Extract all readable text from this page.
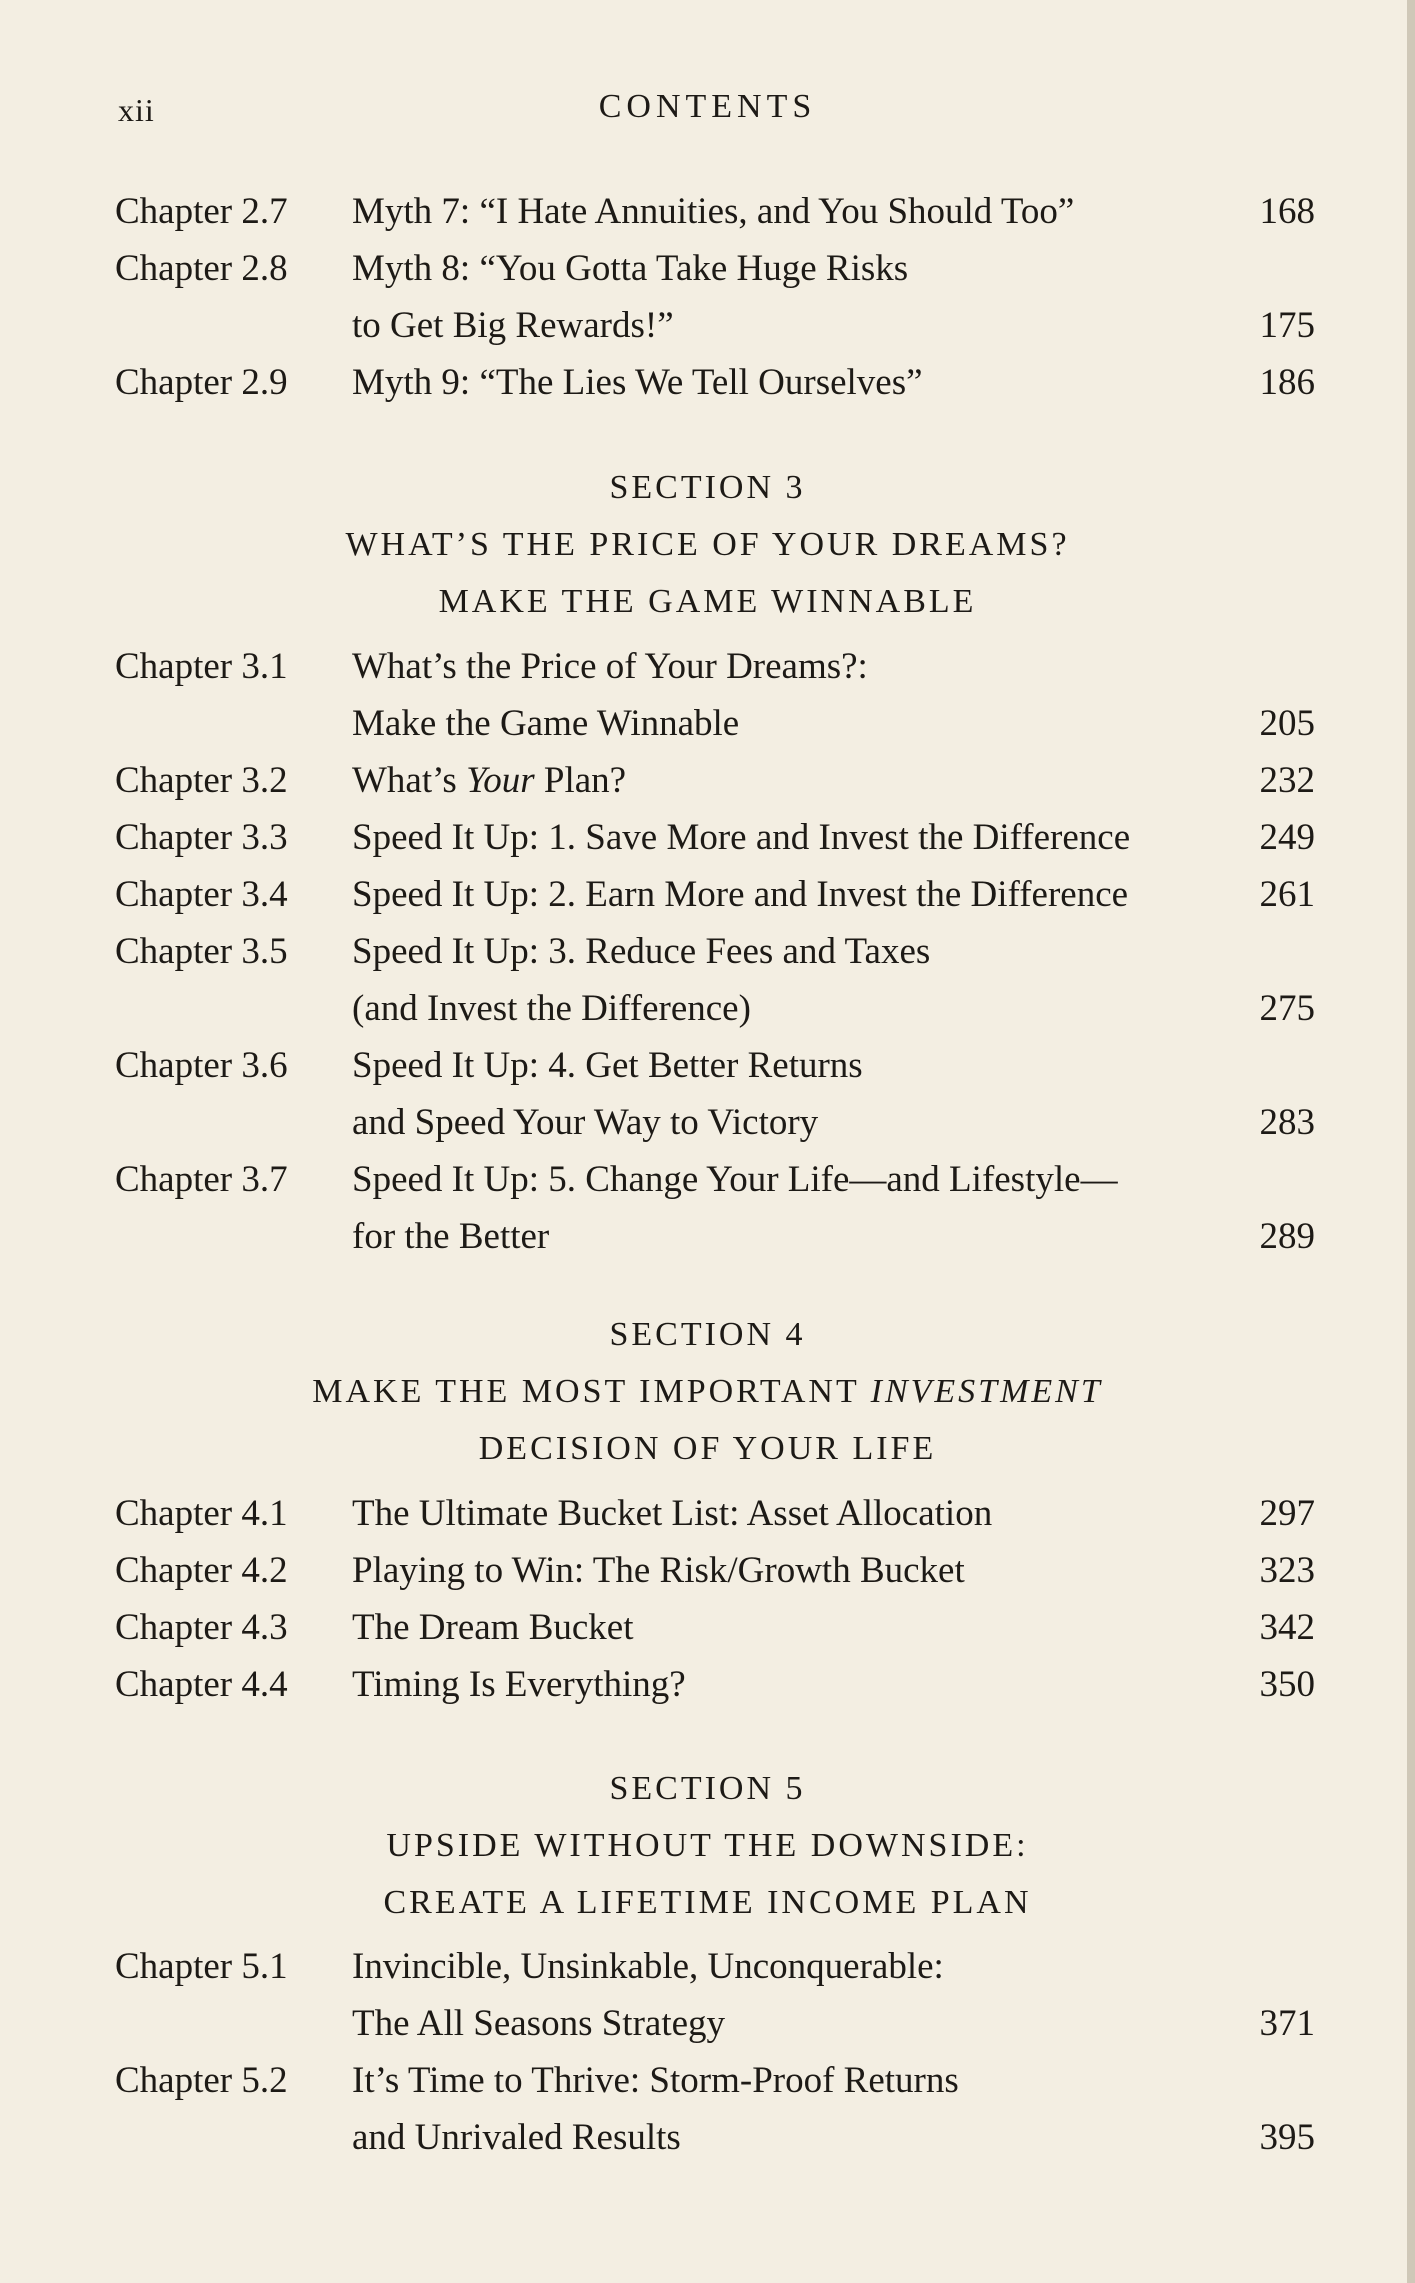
xii	CONTENTS
Chapter 2.7 Myth 7: “I Hate Annuities, and You Should Too”	168
Chapter 2.8 Myth 8: “You Gotta Take Huge Risks
to Get Big Rewards!”	175
Chapter 2.9 Myth 9: “The Lies We Tell Ourselves”	186
SECTION 3
WHAT’S THE PRICE OF YOUR DREAMS?
MAKE THE GAME WINNABLE
Chapter 3.1 What’s the Price of Your Dreams?:
Make the Game Winnable	205
Chapter 3.2 What’s Your Plan?	232
Chapter 3.3 Speed It Up: 1. Save More and Invest the Difference	249
Chapter 3.4 Speed It Up: 2. Earn More and Invest the Difference	261
Chapter 3.5 Speed It Up: 3. Reduce Fees and Taxes
(and Invest the Difference)	275
Chapter 3.6 Speed It Up: 4. Get Better Returns
and Speed Your Way to Victory	283
Chapter 3.7 Speed It Up: 5. Change Your Life—and Lifestyle—
for the Better	289
SECTION 4
MAKE THE MOST IMPORTANT INVESTMENT
DECISION OF YOUR LIFE
Chapter 4.1 The Ultimate Bucket List: Asset Allocation	297
Chapter 4.2 Playing to Win: The Risk/Growth Bucket	323
Chapter 4.3 The Dream Bucket	342
Chapter 4.4 Timing Is Everything?	350
SECTION 5
UPSIDE WITHOUT THE DOWNSIDE:
CREATE A LIFETIME INCOME PLAN
Chapter 5.1 Invincible, Unsinkable, Unconquerable:
The All Seasons Strategy	371
Chapter 5.2 It’s Time to Thrive: Storm-Proof Returns
and Unrivaled Results	395
